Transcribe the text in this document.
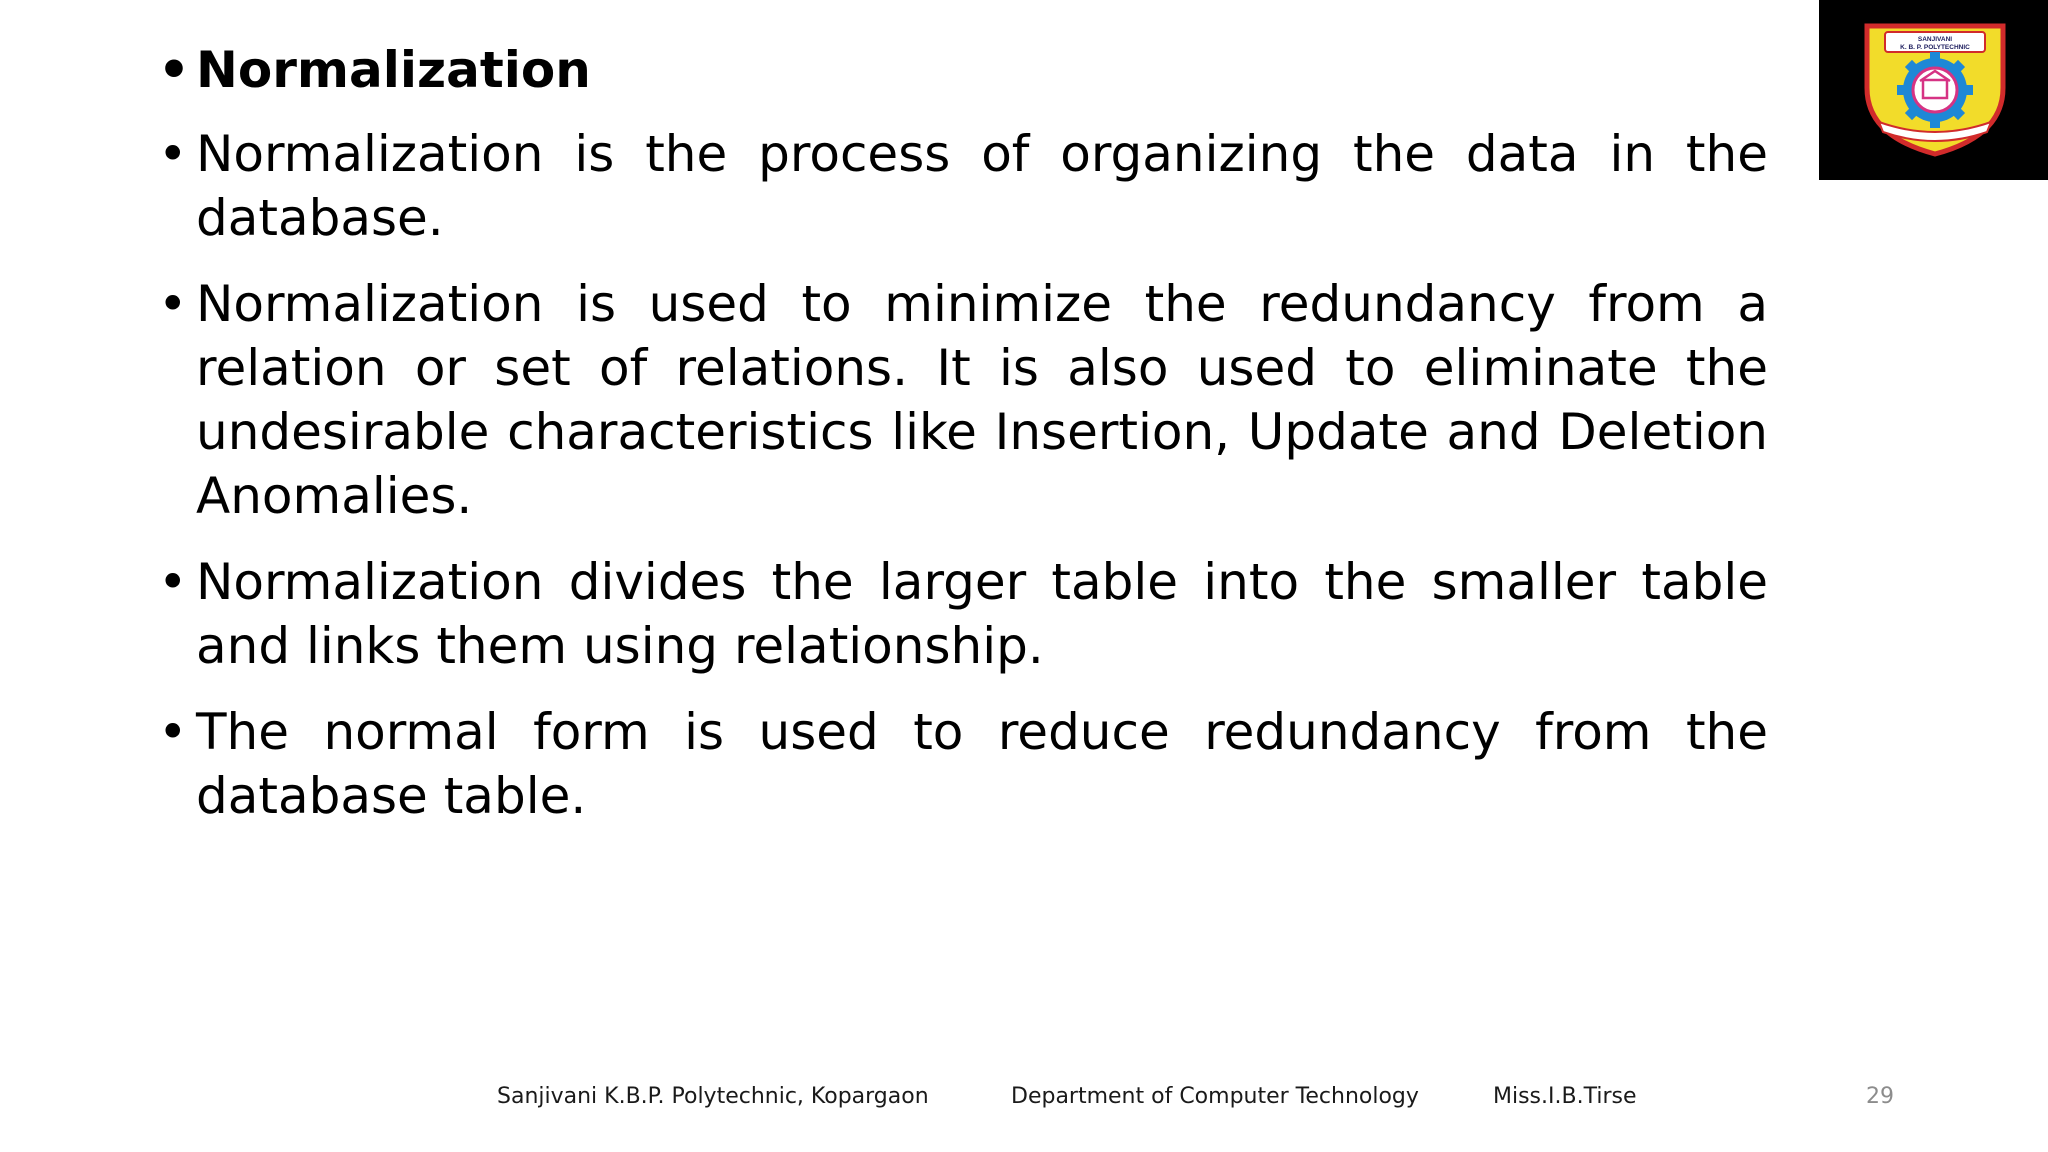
SANJIVANI
K. B. P. POLYTECHNIC
• Normalization
• Normalization is the process of organizing the data in the database.
• Normalization is used to minimize the redundancy from a relation or set of relations. It is also used to eliminate the undesirable characteristics like Insertion, Update and Deletion Anomalies.
• Normalization divides the larger table into the smaller table and links them using relationship.
• The normal form is used to reduce redundancy from the database table.
Sanjivani K.B.P. Polytechnic, Kopargaon	Department of Computer Technology	Miss.I.B.Tirse	29
